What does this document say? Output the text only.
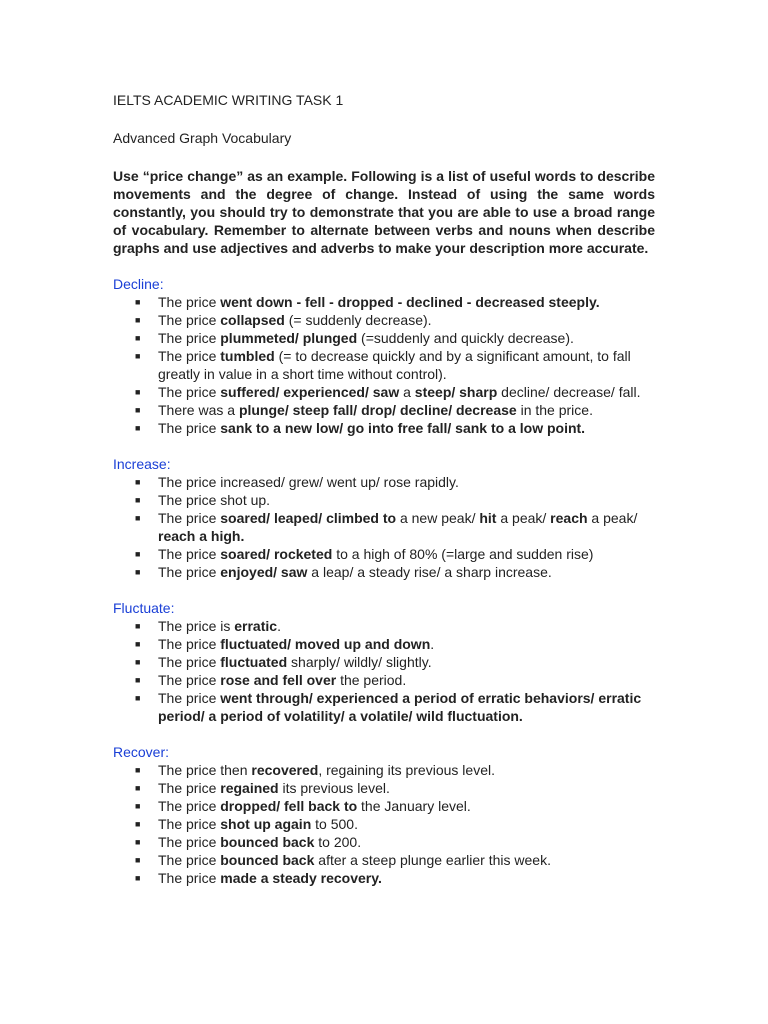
IELTS ACADEMIC WRITING TASK 1

Advanced Graph Vocabulary

Use “price change” as an example. Following is a list of useful words to describe movements and the degree of change. Instead of using the same words constantly, you should try to demonstrate that you are able to use a broad range of vocabulary. Remember to alternate between verbs and nouns when describe graphs and use adjectives and adverbs to make your description more accurate.

Decline:

■ The price went down - fell - dropped - declined - decreased steeply.
■ The price collapsed (= suddenly decrease).
■ The price plummeted/ plunged (=suddenly and quickly decrease).
■ The price tumbled (= to decrease quickly and by a significant amount, to fall greatly in value in a short time without control).
■ The price suffered/ experienced/ saw a steep/ sharp decline/ decrease/ fall.
■ There was a plunge/ steep fall/ drop/ decline/ decrease in the price.
■ The price sank to a new low/ go into free fall/ sank to a low point.

Increase:

■ The price increased/ grew/ went up/ rose rapidly.
■ The price shot up.
■ The price soared/ leaped/ climbed to a new peak/ hit a peak/ reach a peak/ reach a high.
■ The price soared/ rocketed to a high of 80% (=large and sudden rise)
■ The price enjoyed/ saw a leap/ a steady rise/ a sharp increase.

Fluctuate:

■ The price is erratic.
■ The price fluctuated/ moved up and down.
■ The price fluctuated sharply/ wildly/ slightly.
■ The price rose and fell over the period.
■ The price went through/ experienced a period of erratic behaviors/ erratic period/ a period of volatility/ a volatile/ wild fluctuation.

Recover:

■ The price then recovered, regaining its previous level.
■ The price regained its previous level.
■ The price dropped/ fell back to the January level.
■ The price shot up again to 500.
■ The price bounced back to 200.
■ The price bounced back after a steep plunge earlier this week.
■ The price made a steady recovery.
